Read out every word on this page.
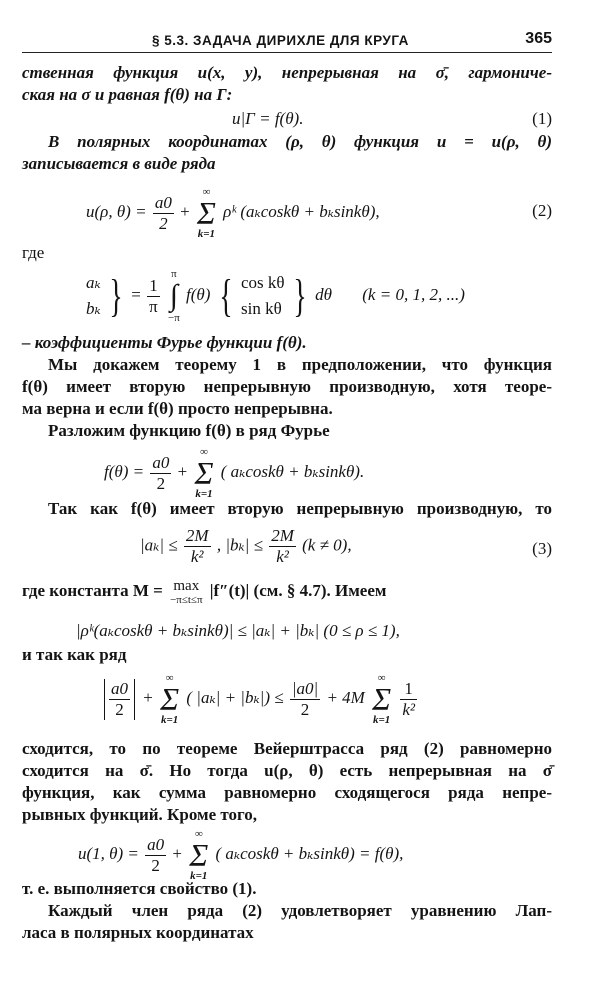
§ 5.3. ЗАДАЧА ДИРИХЛЕ ДЛЯ КРУГА	365
ственная функция u(x, y), непрерывная на σ̄, гармониче-
ская на σ и равная f(θ) на Γ:
u|Γ = f(θ).	(1)
В полярных координатах (ρ, θ) функция u = u(ρ, θ)
записывается в виде ряда
u(ρ, $\theta) = \frac{a0}{2}$ +
∞
Σ
k=1
ρᵏ (aₖcoskθ + bₖsinkθ),	(2)
где
aₖ
bₖ } = $\frac{1}{\pi}$

π
∫
−π
f(θ) { cos kθ
sin kθ } dθ (k = 0, 1, 2, ...)
– коэффициенты Фурье функции f(θ).
Мы докажем теорему 1 в предположении, что функция
f(θ) имеет вторую непрерывную производную, хотя теоре-
ма верна и если f(θ) просто непрерывна.
Разложим функцию f(θ) в ряд Фурье
$f(\theta) = \frac{a0}{2}$ +
∞
Σ
k=1
( aₖcoskθ + bₖsinkθ).
Так как f(θ) имеет вторую непрерывную производную, то
$|a_k| \le \frac{2M}{\text{k²}}$ , $|b_k| \le \frac{2M}{\text{k²}} (k \ne 0)$,	(3)
где константа M = max
−π≤t≤π
|f″(t)| (см. § 4.7). Имеем
|ρᵏ(aₖcoskθ + bₖsinkθ)| ≤ |aₖ| + |bₖ| (0 ≤ ρ ≤ 1),
и так как ряд
$\frac{a0}{2}$ +
∞
Σ
k=1
( $|a_k| + |b_k|) \le \frac{|a0|}{2} + 4M$
∞
Σ
k=1

$\frac{1}{\text{k²}}$
сходится, то по теореме Вейерштрасса ряд (2) равномерно
сходится на σ̄. Но тогда u(ρ, θ) есть непрерывная на σ̄
функция, как сумма равномерно сходящегося ряда непре-
рывных функций. Кроме того,
u(1, $\theta) = \frac{a0}{2}$ +
∞
Σ
k=1
( aₖcoskθ + bₖsinkθ) = f(θ),
т. е. выполняется свойство (1).
Каждый член ряда (2) удовлетворяет уравнению Лап-
ласа в полярных координатах
